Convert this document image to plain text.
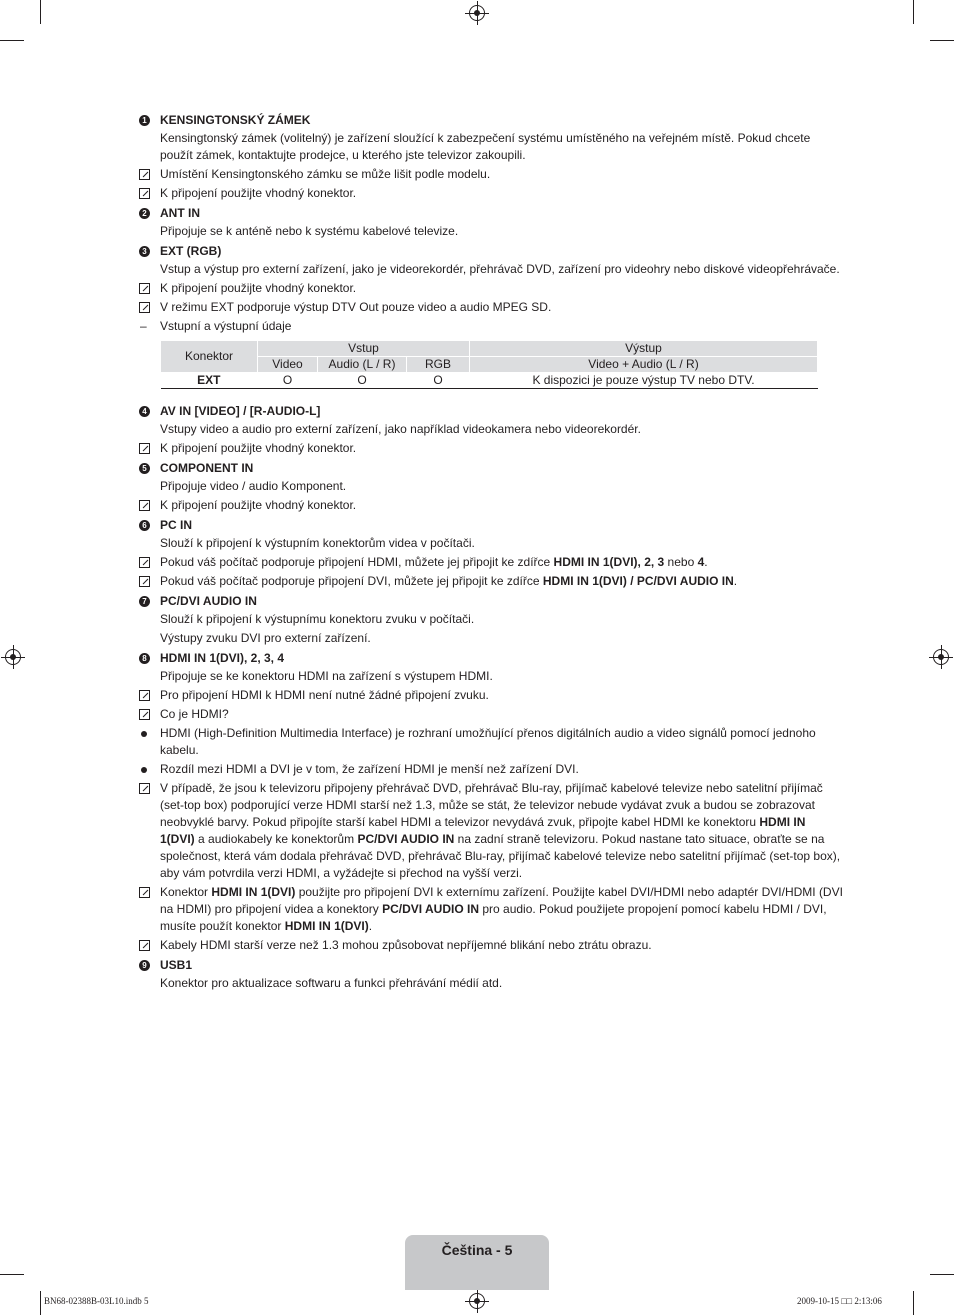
1 KENSINGTONSKÝ ZÁMEK
Kensingtonský zámek (volitelný) je zařízení sloužící k zabezpečení systému umístěného na veřejném místě. Pokud chcete použít zámek, kontaktujte prodejce, u kterého jste televizor zakoupili.
Umístění Kensingtonského zámku se může lišit podle modelu.
K připojení použijte vhodný konektor.
2 ANT IN
Připojuje se k anténě nebo k systému kabelové televize.
3 EXT (RGB)
Vstup a výstup pro externí zařízení, jako je videorekordér, přehrávač DVD, zařízení pro videohry nebo diskové videopřehrávače.
K připojení použijte vhodný konektor.
V režimu EXT podporuje výstup DTV Out pouze video a audio MPEG SD.
– Vstupní a výstupní údaje
Konektor	Vstup			Výstup
	Video	Audio (L / R)	RGB	Video + Audio (L / R)
EXT	O	O	O	K dispozici je pouze výstup TV nebo DTV.
4 AV IN [VIDEO] / [R-AUDIO-L]
Vstupy video a audio pro externí zařízení, jako například videokamera nebo videorekordér.
K připojení použijte vhodný konektor.
5 COMPONENT IN
Připojuje video / audio Komponent.
K připojení použijte vhodný konektor.
6 PC IN
Slouží k připojení k výstupním konektorům videa v počítači.
Pokud váš počítač podporuje připojení HDMI, můžete jej připojit ke zdířce HDMI IN 1(DVI), 2, 3 nebo 4.
Pokud váš počítač podporuje připojení DVI, můžete jej připojit ke zdířce HDMI IN 1(DVI) / PC/DVI AUDIO IN.
7 PC/DVI AUDIO IN
Slouží k připojení k výstupnímu konektoru zvuku v počítači.
Výstupy zvuku DVI pro externí zařízení.
8 HDMI IN 1(DVI), 2, 3, 4
Připojuje se ke konektoru HDMI na zařízení s výstupem HDMI.
Pro připojení HDMI k HDMI není nutné žádné připojení zvuku.
Co je HDMI?
HDMI (High-Definition Multimedia Interface) je rozhraní umožňující přenos digitálních audio a video signálů pomocí jednoho kabelu.
Rozdíl mezi HDMI a DVI je v tom, že zařízení HDMI je menší než zařízení DVI.
V případě, že jsou k televizoru připojeny přehrávač DVD, přehrávač Blu-ray, přijímač kabelové televize nebo satelitní přijímač (set-top box) podporující verze HDMI starší než 1.3, může se stát, že televizor nebude vydávat zvuk a budou se zobrazovat neobvyklé barvy. Pokud připojíte starší kabel HDMI a televizor nevydává zvuk, připojte kabel HDMI ke konektoru HDMI IN 1(DVI) a audiokabely ke konektorům PC/DVI AUDIO IN na zadní straně televizoru. Pokud nastane tato situace, obraťte se na společnost, která vám dodala přehrávač DVD, přehrávač Blu-ray, přijímač kabelové televize nebo satelitní přijímač (set-top box), aby vám potvrdila verzi HDMI, a vyžádejte si přechod na vyšší verzi.
Konektor HDMI IN 1(DVI) použijte pro připojení DVI k externímu zařízení. Použijte kabel DVI/HDMI nebo adaptér DVI/HDMI (DVI na HDMI) pro připojení videa a konektory PC/DVI AUDIO IN pro audio. Pokud použijete propojení pomocí kabelu HDMI / DVI, musíte použít konektor HDMI IN 1(DVI).
Kabely HDMI starší verze než 1.3 mohou způsobovat nepříjemné blikání nebo ztrátu obrazu.
9 USB1
Konektor pro aktualizace softwaru a funkci přehrávání médií atd.
Čeština - 5
BN68-02388B-03L10.indb 5	2009-10-15 □□ 2:13:06
